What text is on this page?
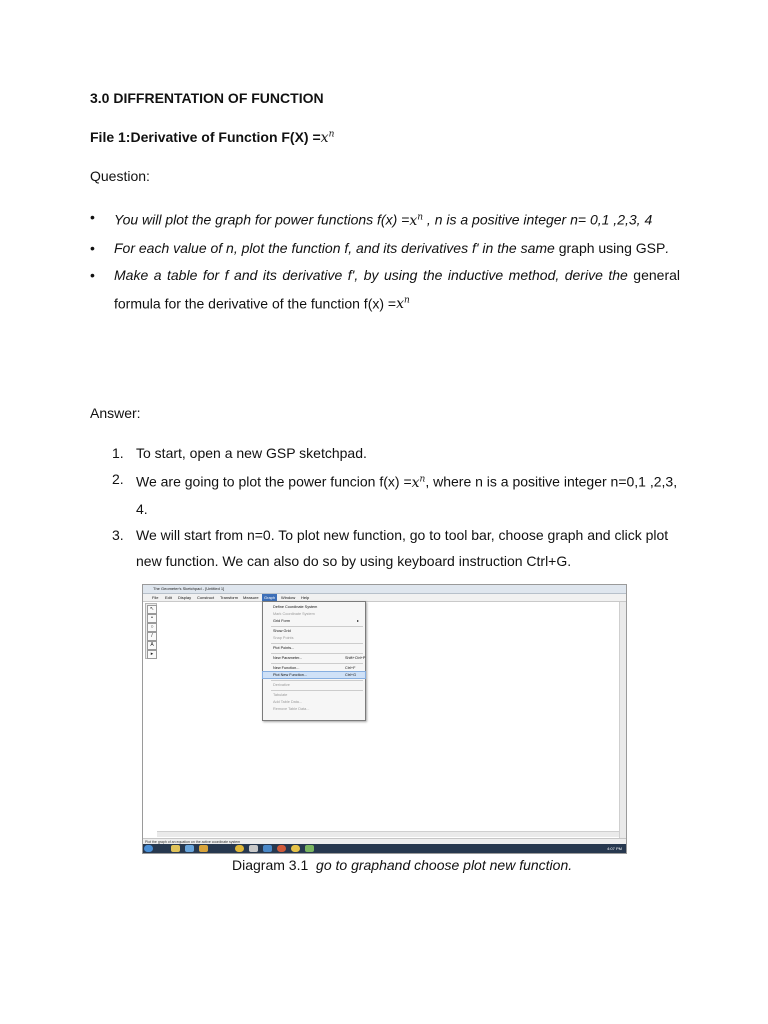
3.0 DIFFRENTATION OF FUNCTION
File 1:Derivative of Function $F(X) =x^n$
Question:
• You will plot the graph for power functions $f(x) =x^n$ , n is a positive integer n= 0,1 ,2,3, 4
• For each value of n, plot the function f, and its derivatives f' in the same graph using GSP.
• Make a table for f and its derivative f', by using the inductive method, derive the general formula for the derivative of the function $f(x) =x^n$
Answer:
1. To start, open a new GSP sketchpad.
2. We are going to plot the power funcion $f(x) =x^n$, where n is a positive integer n=0,1 ,2,3, 4.
3. We will start from n=0. To plot new function, go to tool bar, choose graph and click plot new function. We can also do so by using keyboard instruction Ctrl+G.
The Geometer's Sketchpad - [Untitled 1]
File Edit Display Construct Transform Measure	Graph	Window Help
↖
•
○
/
A
▸
Define Coordinate System
Mark Coordinate System
Grid Form	▸
Show Grid
Snap Points
Plot Points...
New Parameter...	Shift+Ctrl+P
New Function...	Ctrl+F
Plot New Function...	Ctrl+G
Derivative
Tabulate
Add Table Data...
Remove Table Data...
Plot the graph of an equation on the active coordinate system
4:07 PM
Diagram 3.1 go to graphand choose plot new function.
